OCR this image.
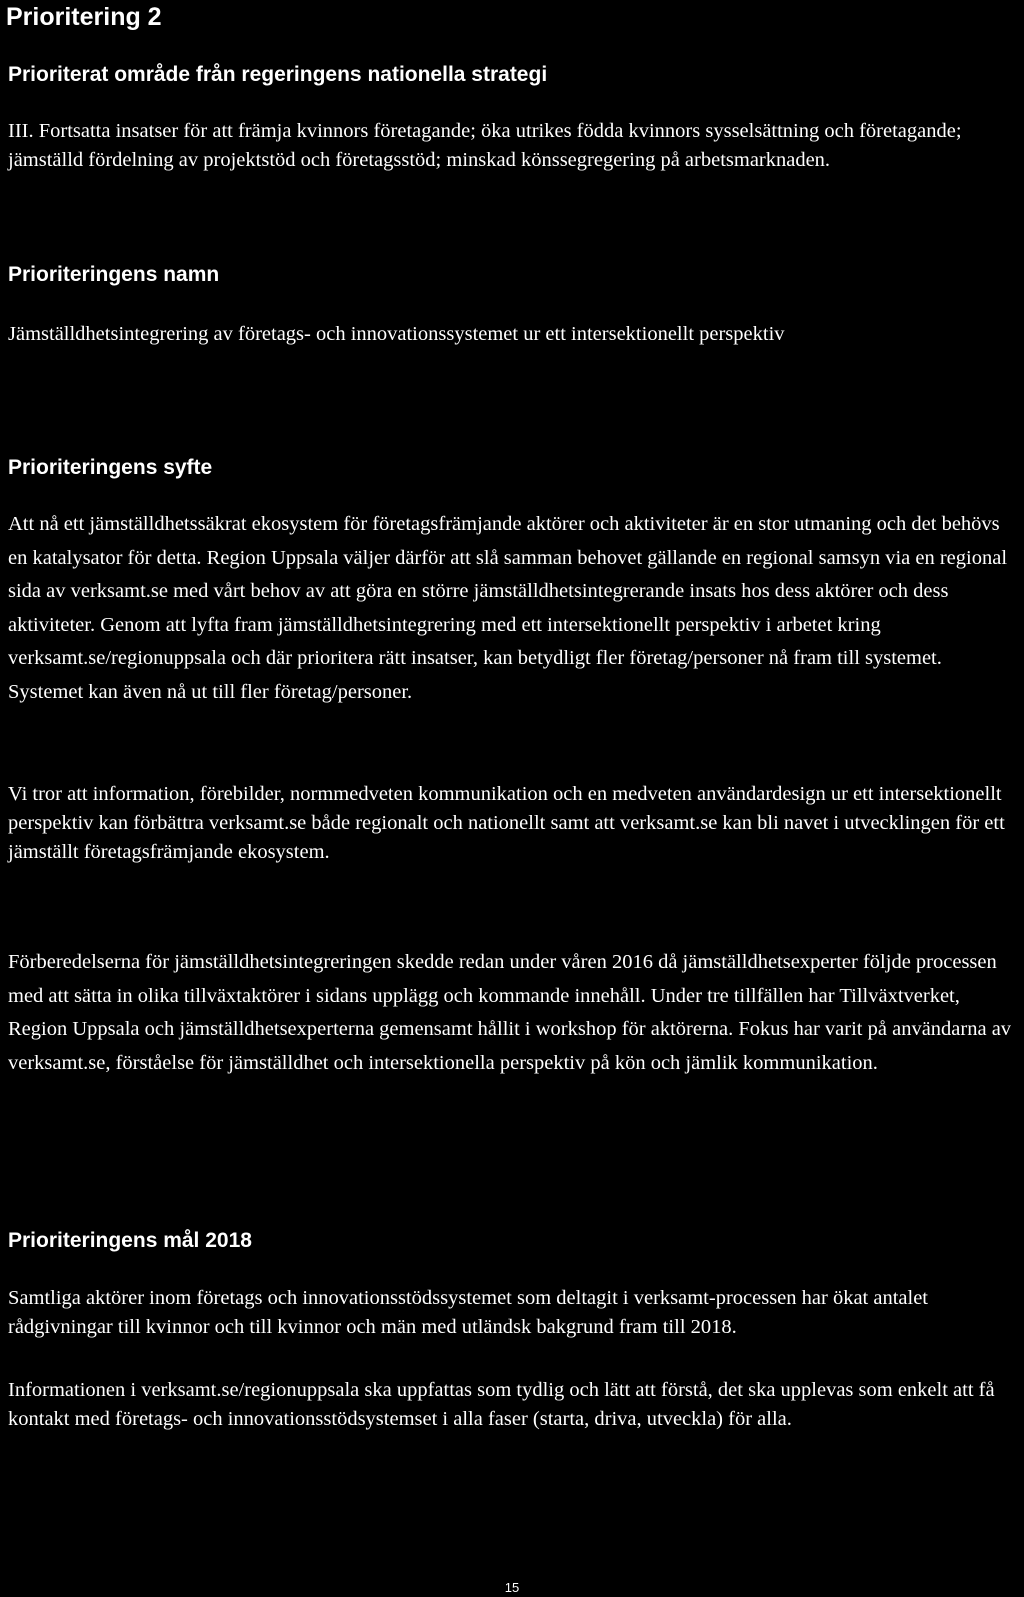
Prioritering 2
Prioriterat område från regeringens nationella strategi

III. Fortsatta insatser för att främja kvinnors företagande; öka utrikes födda kvinnors sysselsättning och företagande; jämställd fördelning av projektstöd och företagsstöd; minskad könssegregering på arbetsmarknaden.

Prioriteringens namn

Jämställdhetsintegrering av företags- och innovationssystemet ur ett intersektionellt perspektiv

Prioriteringens syfte

Att nå ett jämställdhetssäkrat ekosystem för företagsfrämjande aktörer och aktiviteter är en stor utmaning och det behövs en katalysator för detta. Region Uppsala väljer därför att slå samman behovet gällande en regional samsyn via en regional sida av verksamt.se med vårt behov av att göra en större jämställdhetsintegrerande insats hos dess aktörer och dess aktiviteter. Genom att lyfta fram jämställdhetsintegrering med ett intersektionellt perspektiv i arbetet kring verksamt.se/regionuppsala och där prioritera rätt insatser, kan betydligt fler företag/personer nå fram till systemet. Systemet kan även nå ut till fler företag/personer.

Vi tror att information, förebilder, normmedveten kommunikation och en medveten användardesign ur ett intersektionellt perspektiv kan förbättra verksamt.se både regionalt och nationellt samt att verksamt.se kan bli navet i utvecklingen för ett jämställt företagsfrämjande ekosystem.

Förberedelserna för jämställdhetsintegreringen skedde redan under våren 2016 då jämställdhetsexperter följde processen med att sätta in olika tillväxtaktörer i sidans upplägg och kommande innehåll. Under tre tillfällen har Tillväxtverket, Region Uppsala och jämställdhetsexperterna gemensamt hållit i workshop för aktörerna. Fokus har varit på användarna av verksamt.se, förståelse för jämställdhet och intersektionella perspektiv på kön och jämlik kommunikation.

Prioriteringens mål 2018

Samtliga aktörer inom företags och innovationsstödssystemet som deltagit i verksamt-processen har ökat antalet rådgivningar till kvinnor och till kvinnor och män med utländsk bakgrund fram till 2018.

Informationen i verksamt.se/regionuppsala ska uppfattas som tydlig och lätt att förstå, det ska upplevas som enkelt att få kontakt med företags- och innovationsstödsystemset i alla faser (starta, driva, utveckla) för alla.

15
